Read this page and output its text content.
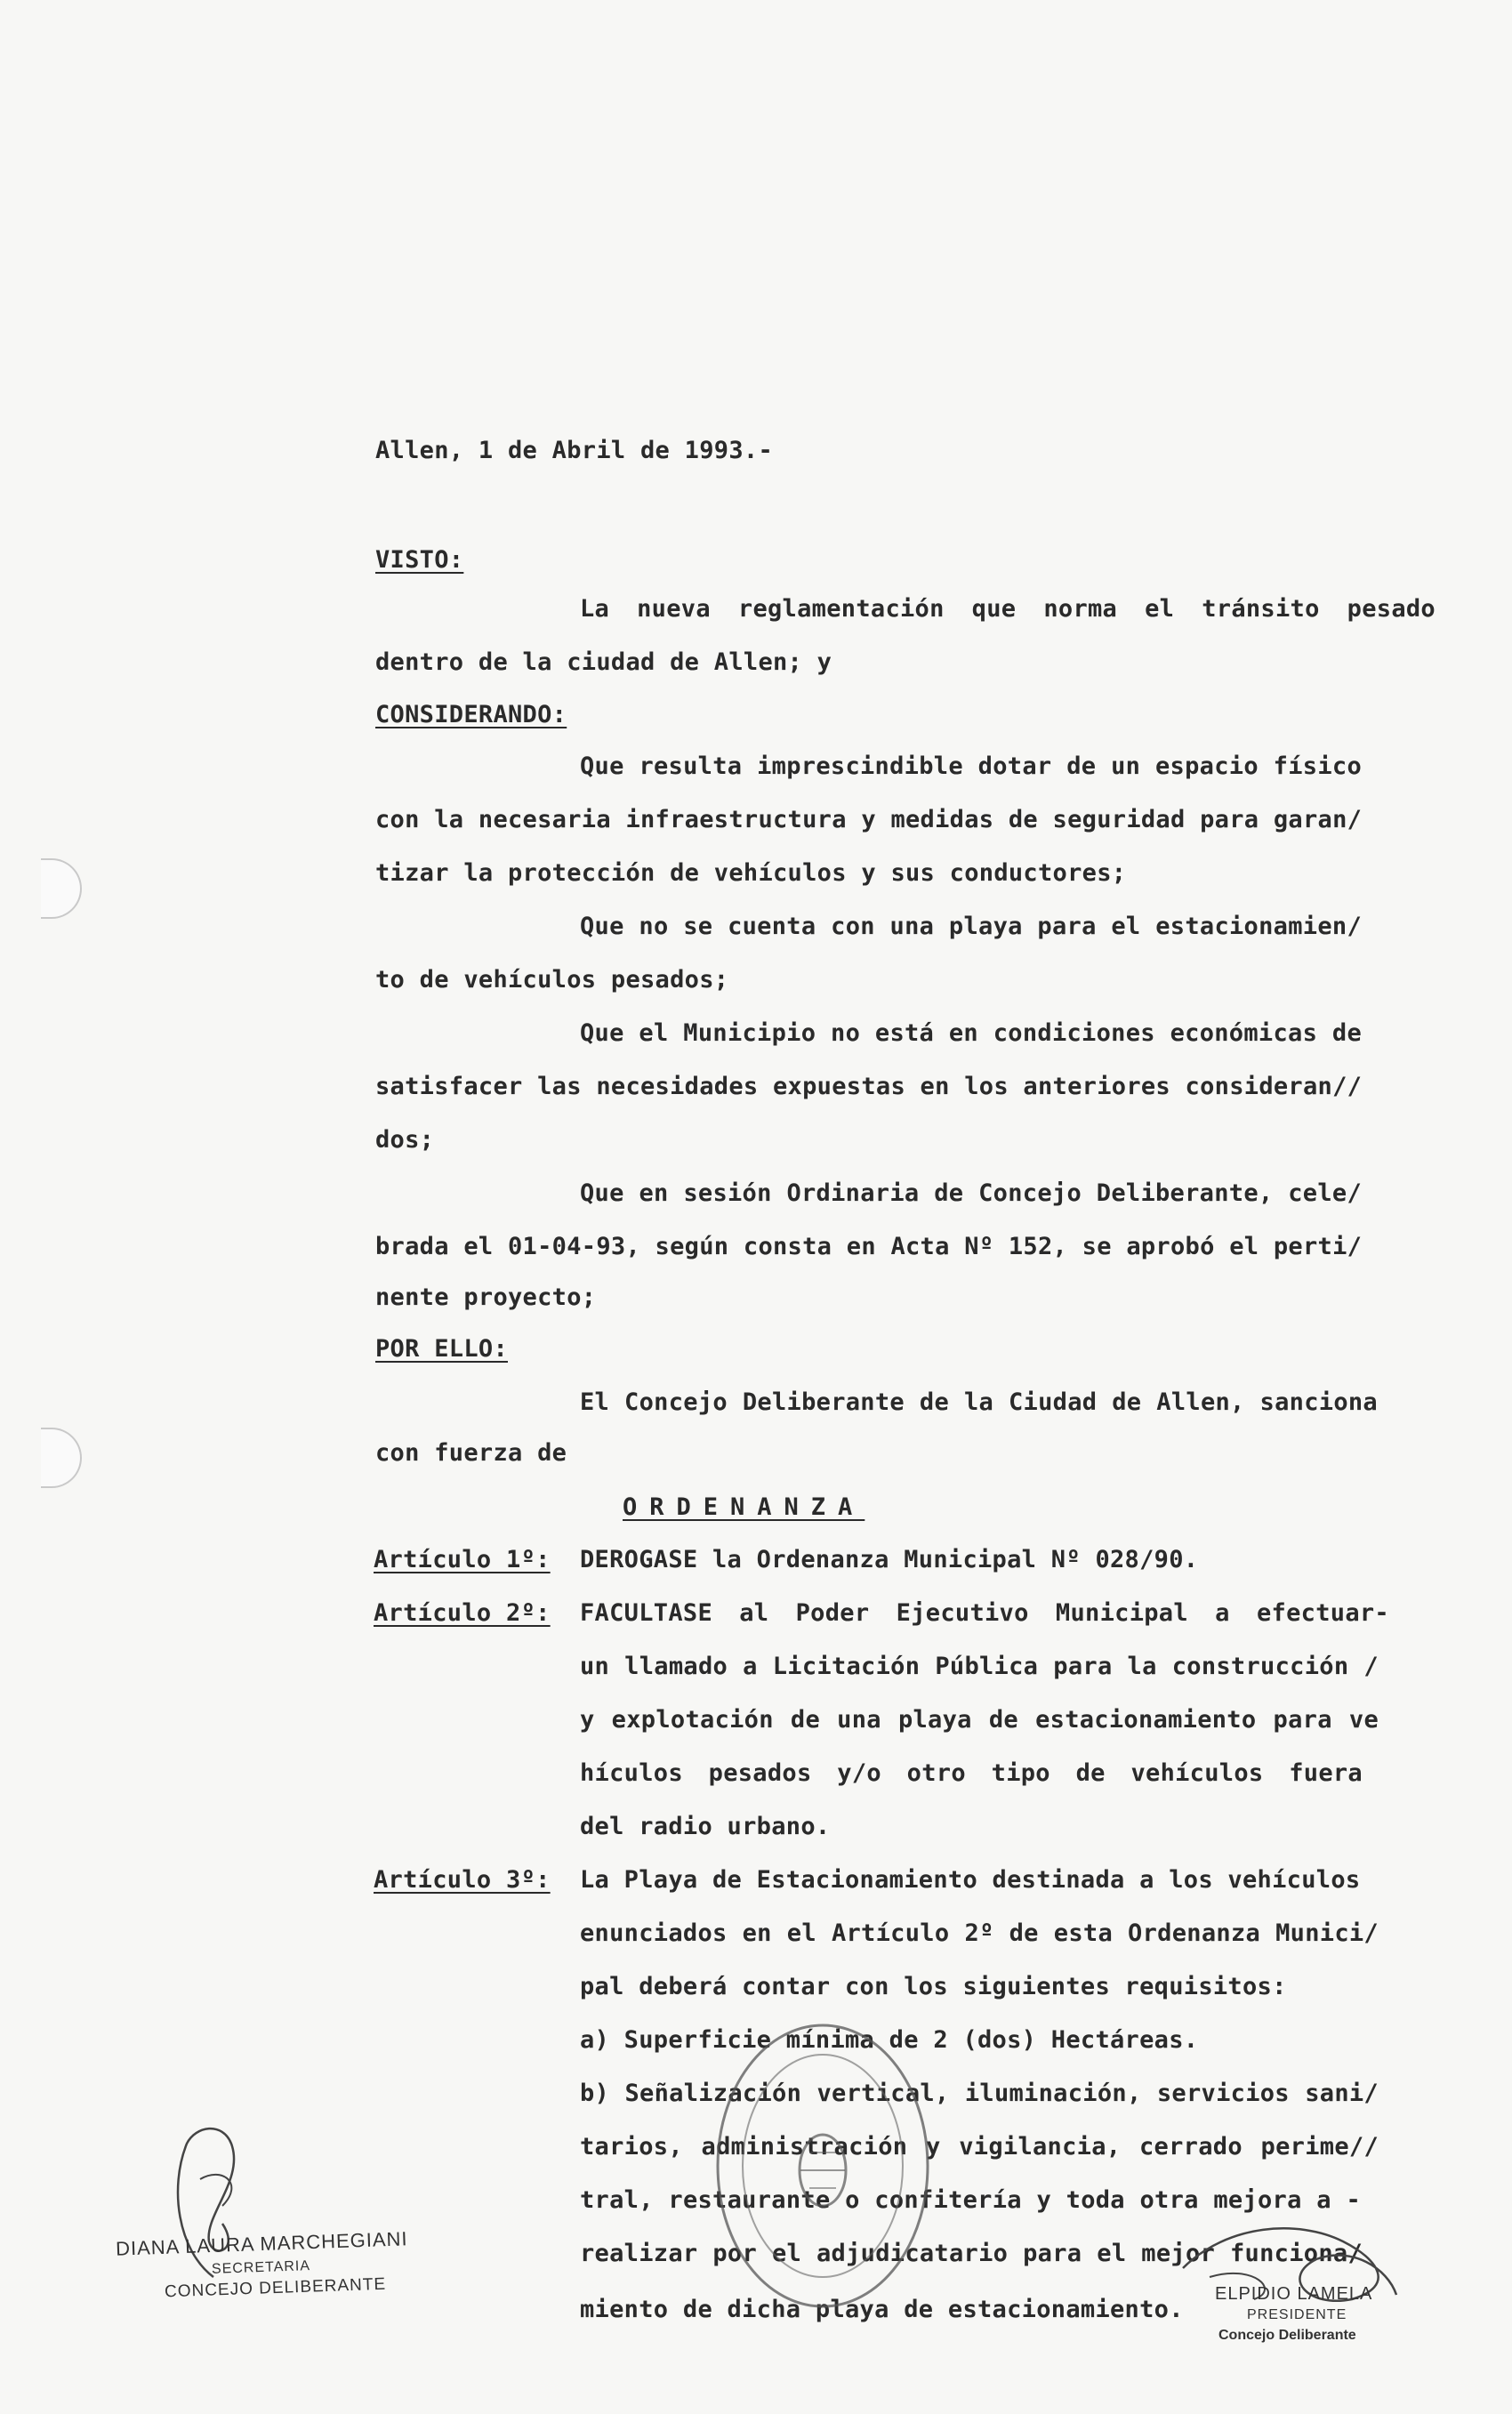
Allen, 1 de Abril de 1993.-
VISTO:
La nueva reglamentación que norma el tránsito pesado
dentro de la ciudad de Allen; y
CONSIDERANDO:
Que resulta imprescindible dotar de un espacio físico
con la necesaria infraestructura y medidas de seguridad para garan/
tizar la protección de vehículos y sus conductores;
Que no se cuenta con una playa para el estacionamien/
to de vehículos pesados;
Que el Municipio no está en condiciones económicas de
satisfacer las necesidades expuestas en los anteriores consideran//
dos;
Que en sesión Ordinaria de Concejo Deliberante, cele/
brada el 01-04-93, según consta en Acta Nº 152, se aprobó el perti/
nente proyecto;
POR ELLO:
El Concejo Deliberante de la Ciudad de Allen, sanciona
con fuerza de
ORDENANZA
Artículo 1º: DEROGASE la Ordenanza Municipal Nº 028/90.
Artículo 2º: FACULTASE al Poder Ejecutivo Municipal a efectuar-
un llamado a Licitación Pública para la construcción /
y explotación de una playa de estacionamiento para ve
hículos pesados y/o otro tipo de vehículos fuera
del radio urbano.
Artículo 3º: La Playa de Estacionamiento destinada a los vehículos
enunciados en el Artículo 2º de esta Ordenanza Munici/
pal deberá contar con los siguientes requisitos:
a) Superficie mínima de 2 (dos) Hectáreas.
b) Señalización vertical, iluminación, servicios sani/
tarios, administración y vigilancia, cerrado perime//
tral, restaurante o confitería y toda otra mejora a -
realizar por el adjudicatario para el mejor funciona/
miento de dicha playa de estacionamiento.
DIANA LAURA MARCHEGIANI
SECRETARIA
CONCEJO DELIBERANTE	ELPIDIO LAMELA
PRESIDENTE
Concejo Deliberante
